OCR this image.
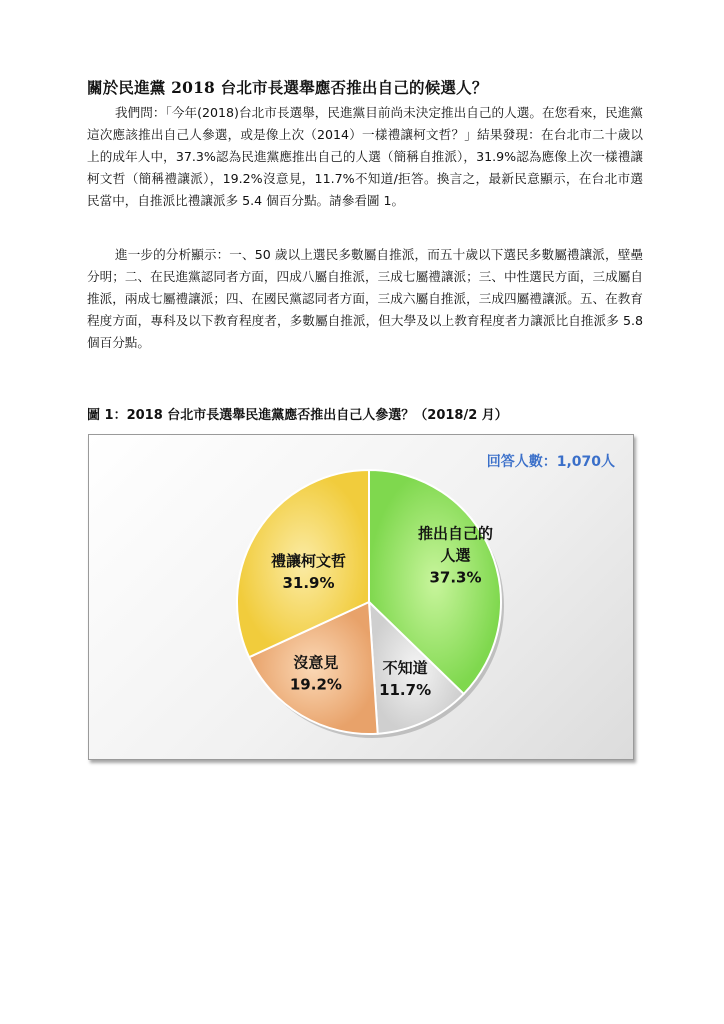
關於民進黨 2018 台北市長選舉應否推出自己的候選人？

我們問：「今年(2018)台北市長選舉，民進黨目前尚未決定推出自己的人選。在您看來，民進黨這次應該推出自己人參選，或是像上次（2014）一樣禮讓柯文哲？」結果發現：在台北市二十歲以上的成年人中，37.3%認為民進黨應推出自己的人選（簡稱自推派），31.9%認為應像上次一樣禮讓柯文哲（簡稱禮讓派），19.2%沒意見，11.7%不知道/拒答。換言之，最新民意顯示，在台北市選民當中，自推派比禮讓派多 5.4 個百分點。請參看圖 1。

進一步的分析顯示：一、50 歲以上選民多數屬自推派，而五十歲以下選民多數屬禮讓派，壁壘分明；二、在民進黨認同者方面，四成八屬自推派，三成七屬禮讓派；三、中性選民方面，三成屬自推派，兩成七屬禮讓派；四、在國民黨認同者方面，三成六屬自推派，三成四屬禮讓派。五、在教育程度方面，專科及以下教育程度者，多數屬自推派，但大學及以上教育程度者力讓派比自推派多 5.8 個百分點。

圖 1：2018 台北市長選舉民進黨應否推出自己人參選？（2018/2 月）
回答人數：1,070人
推出自己的
人選
37.3%
不知道
11.7%
沒意見
19.2%
禮讓柯文哲
31.9%
